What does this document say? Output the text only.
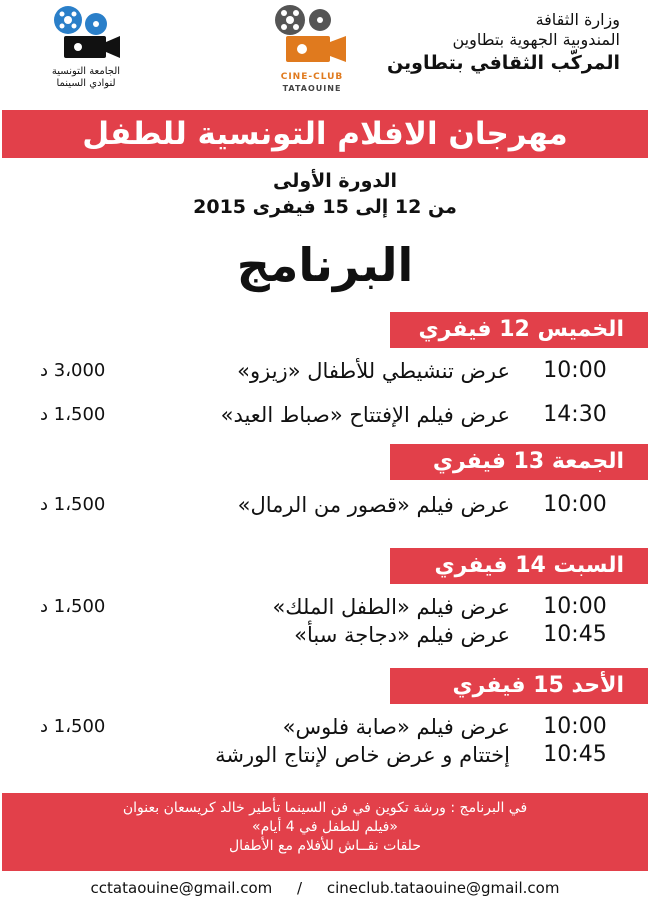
الجامعة التونسية لنوادي السينما
CINE-CLUB
TATAOUINE
وزارة الثقافة
المندوبية الجهوية بتطاوين
المركّب الثقافي بتطاوين
مهرجان الافلام التونسية للطفل
الدورة الأولى
من 12 إلى 15 فيفرى 2015
البرنامج
الخميس 12 فيفري
10:00
عرض تنشيطي للأطفال «زيزو»
3،000 د
14:30
عرض فيلم الإفتتاح «صباط العيد»
1،500 د
الجمعة 13 فيفري
10:00
عرض فيلم «قصور من الرمال»
1،500 د
السبت 14 فيفري
10:00
عرض فيلم «الطفل الملك»
1،500 د
10:45
عرض فيلم «دجاجة سبأ»
الأحد 15 فيفري
10:00
عرض فيلم «صابة فلوس»
1،500 د
10:45
إختتام و عرض خاص لإنتاج الورشة
في البرنامج : ورشة تكوين في فن السينما تأطير خالد كريسعان بعنوان
«فيلم للطفل في 4 أيام»
حلقات نقــاش للأفلام مع الأطفال
cctataouine@gmail.com / cineclub.tataouine@gmail.com
